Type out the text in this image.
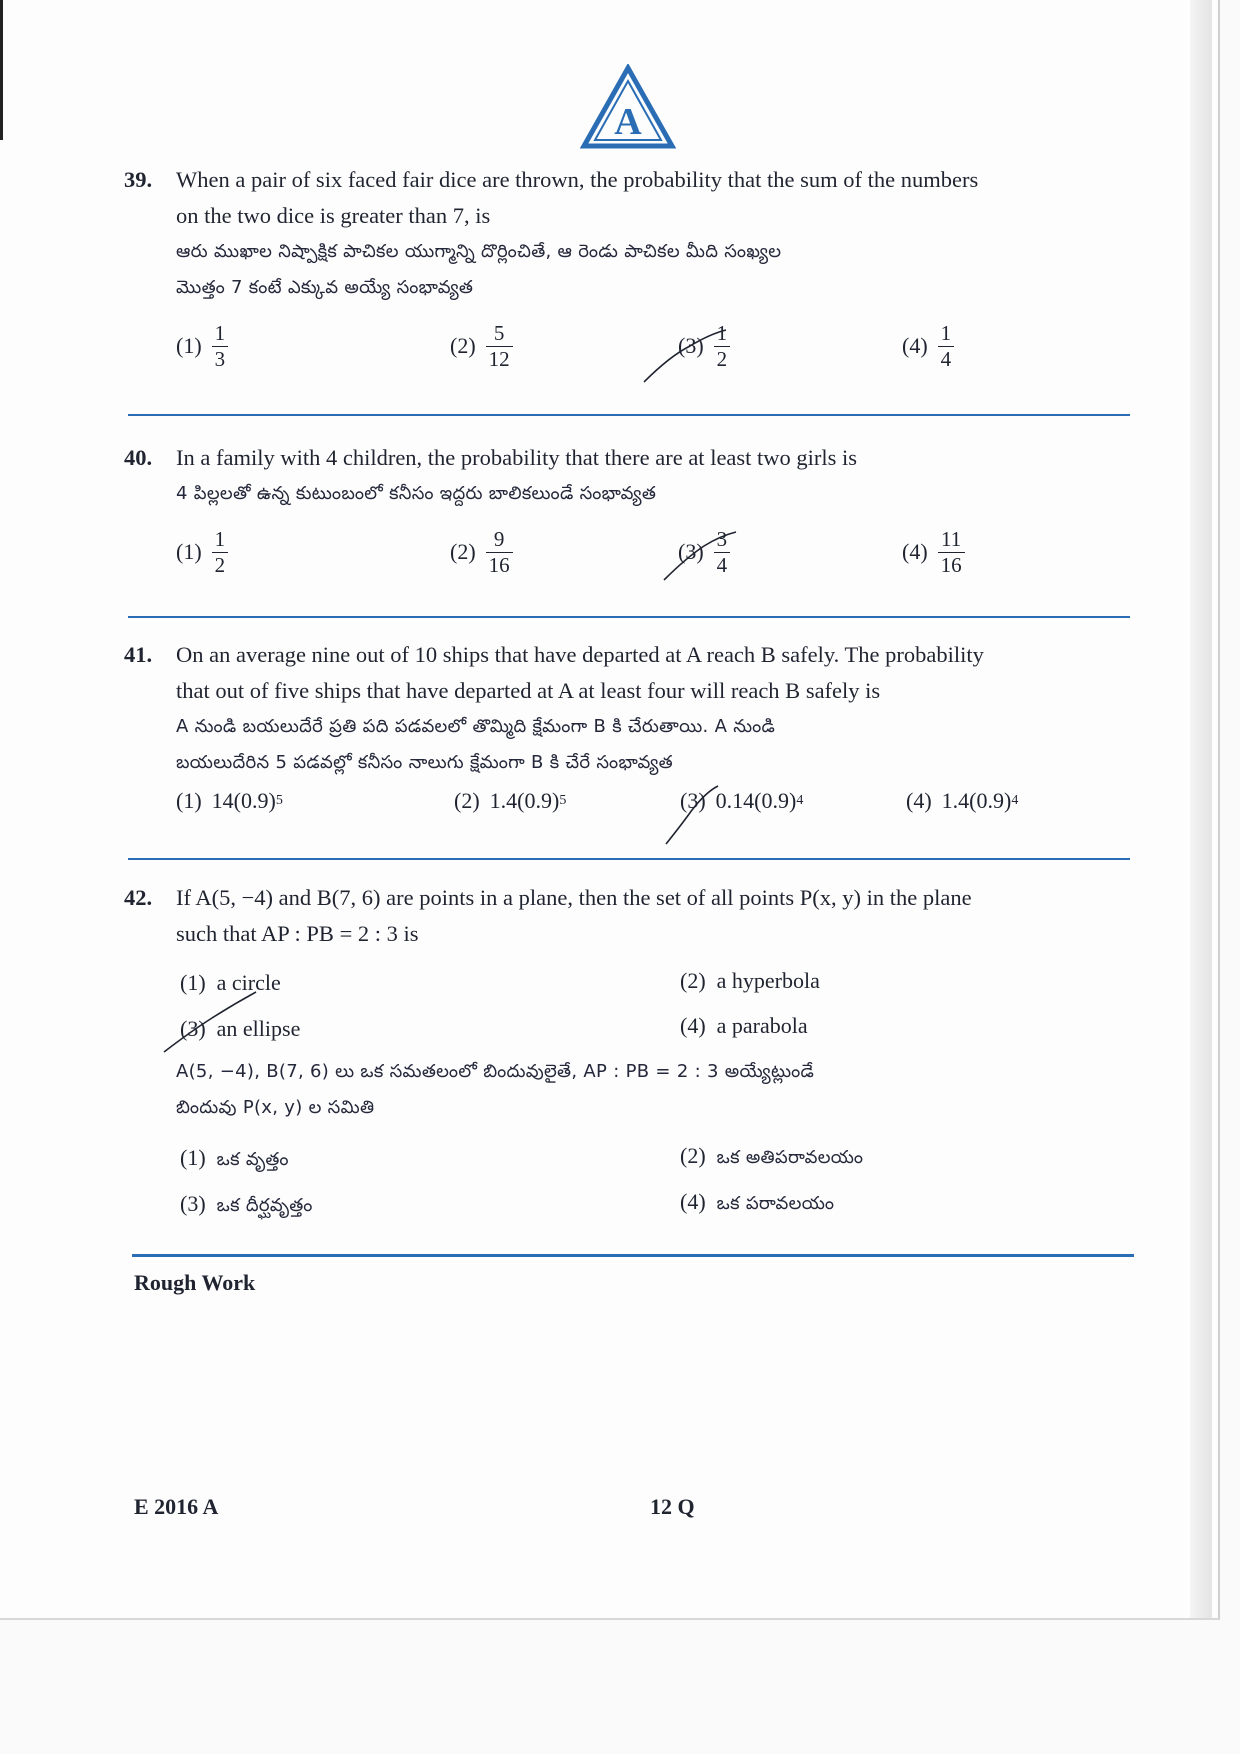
A
39.	When a pair of six faced fair dice are thrown, the probability that the sum of the numbers
on the two dice is greater than 7, is
ఆరు ముఖాల నిష్పాక్షిక పాచికల యుగ్మాన్ని దొర్లించితే, ఆ రెండు పాచికల మీది సంఖ్యల
మొత్తం 7 కంటే ఎక్కువ అయ్యే సంభావ్యత
$(1) \frac{1}{3}$	$(2) \frac{5}{12}$	$(3) \frac{1}{2}$	$(4) \frac{1}{4}$
40.	In a family with 4 children, the probability that there are at least two girls is
4 పిల్లలతో ఉన్న కుటుంబంలో కనీసం ఇద్దరు బాలికలుండే సంభావ్యత
$(1) \frac{1}{2}$	$(2) \frac{9}{16}$	$(3) \frac{3}{4}$	$(4) \frac{11}{16}$
41.	On an average nine out of 10 ships that have departed at A reach B safely. The probability
that out of five ships that have departed at A at least four will reach B safely is
A నుండి బయలుదేరే ప్రతి పది పడవలలో తొమ్మిది క్షేమంగా B కి చేరుతాయి. A నుండి
బయలుదేరిన 5 పడవల్లో కనీసం నాలుగు క్షేమంగా B కి చేరే సంభావ్యత
(1) 14(0.9) 5	(2) 1.4(0.9) 5	(3) 0.14(0.9) 4	(4) 1.4(0.9) 4
42.	If A(5, −4) and B(7, 6) are points in a plane, then the set of all points P(x, y) in the plane
such that AP : PB = 2 : 3 is
(1) a circle	(2) a hyperbola
(3) an ellipse	(4) a parabola
A(5, −4), B(7, 6) లు ఒక సమతలంలో బిందువులైతే, AP : PB = 2 : 3 అయ్యేట్లుండే
బిందువు P(x, y) ల సమితి
(1) ఒక వృత్తం	(2) ఒక అతిపరావలయం
(3) ఒక దీర్ఘవృత్తం	(4) ఒక పరావలయం
Rough Work
E 2016 A	12 Q
